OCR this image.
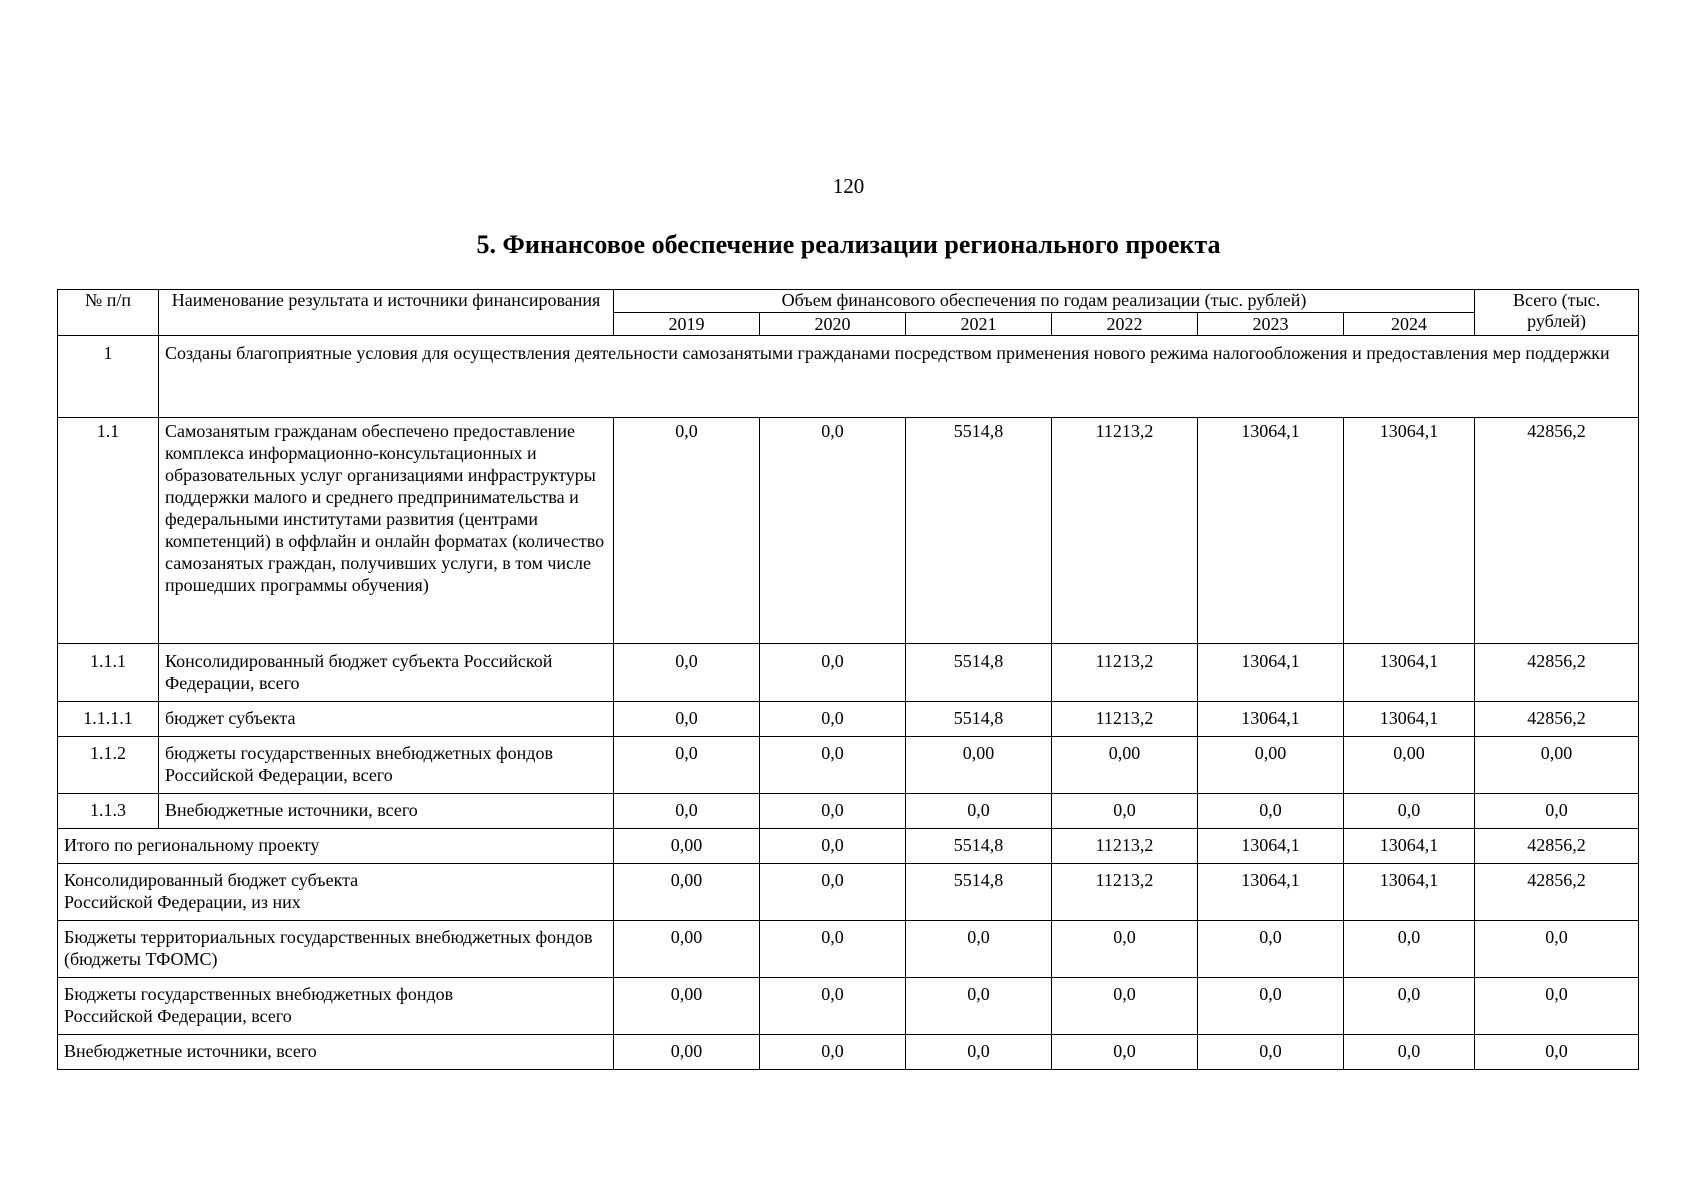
120
5. Финансовое обеспечение реализации регионального проекта
№ п/п	Наименование результата и источники финансирования	Объем финансового обеспечения по годам реализации (тыс. рублей)						Всего (тыс. рублей)
		2019	2020	2021	2022	2023	2024	
1	Созданы благоприятные условия для осуществления деятельности самозанятыми гражданами посредством применения нового режима налогообложения и предоставления мер поддержки							
1.1	Самозанятым гражданам обеспечено предоставление комплекса информационно-консультационных и образовательных услуг организациями инфраструктуры поддержки малого и среднего предпринимательства и федеральными институтами развития (центрами компетенций) в оффлайн и онлайн форматах (количество самозанятых граждан, получивших услуги, в том числе прошедших программы обучения)	0,0	0,0	5514,8	11213,2	13064,1	13064,1	42856,2
1.1.1	Консолидированный бюджет субъекта Российской Федерации, всего	0,0	0,0	5514,8	11213,2	13064,1	13064,1	42856,2
1.1.1.1	бюджет субъекта	0,0	0,0	5514,8	11213,2	13064,1	13064,1	42856,2
1.1.2	бюджеты государственных внебюджетных фондов Российской Федерации, всего	0,0	0,0	0,00	0,00	0,00	0,00	0,00
1.1.3	Внебюджетные источники, всего	0,0	0,0	0,0	0,0	0,0	0,0	0,0
Итого по региональному проекту		0,00	0,0	5514,8	11213,2	13064,1	13064,1	42856,2

Консолидированный бюджет субъекта Российской Федерации, из них		0,00	0,0	5514,8	11213,2	13064,1	13064,1	42856,2
Бюджеты территориальных государственных внебюджетных фондов (бюджеты ТФОМС)		0,00	0,0	0,0	0,0	0,0	0,0	0,0

Бюджеты государственных внебюджетных фондов Российской Федерации, всего		0,00	0,0	0,0	0,0	0,0	0,0	0,0
Внебюджетные источники, всего		0,00	0,0	0,0	0,0	0,0	0,0	0,0
